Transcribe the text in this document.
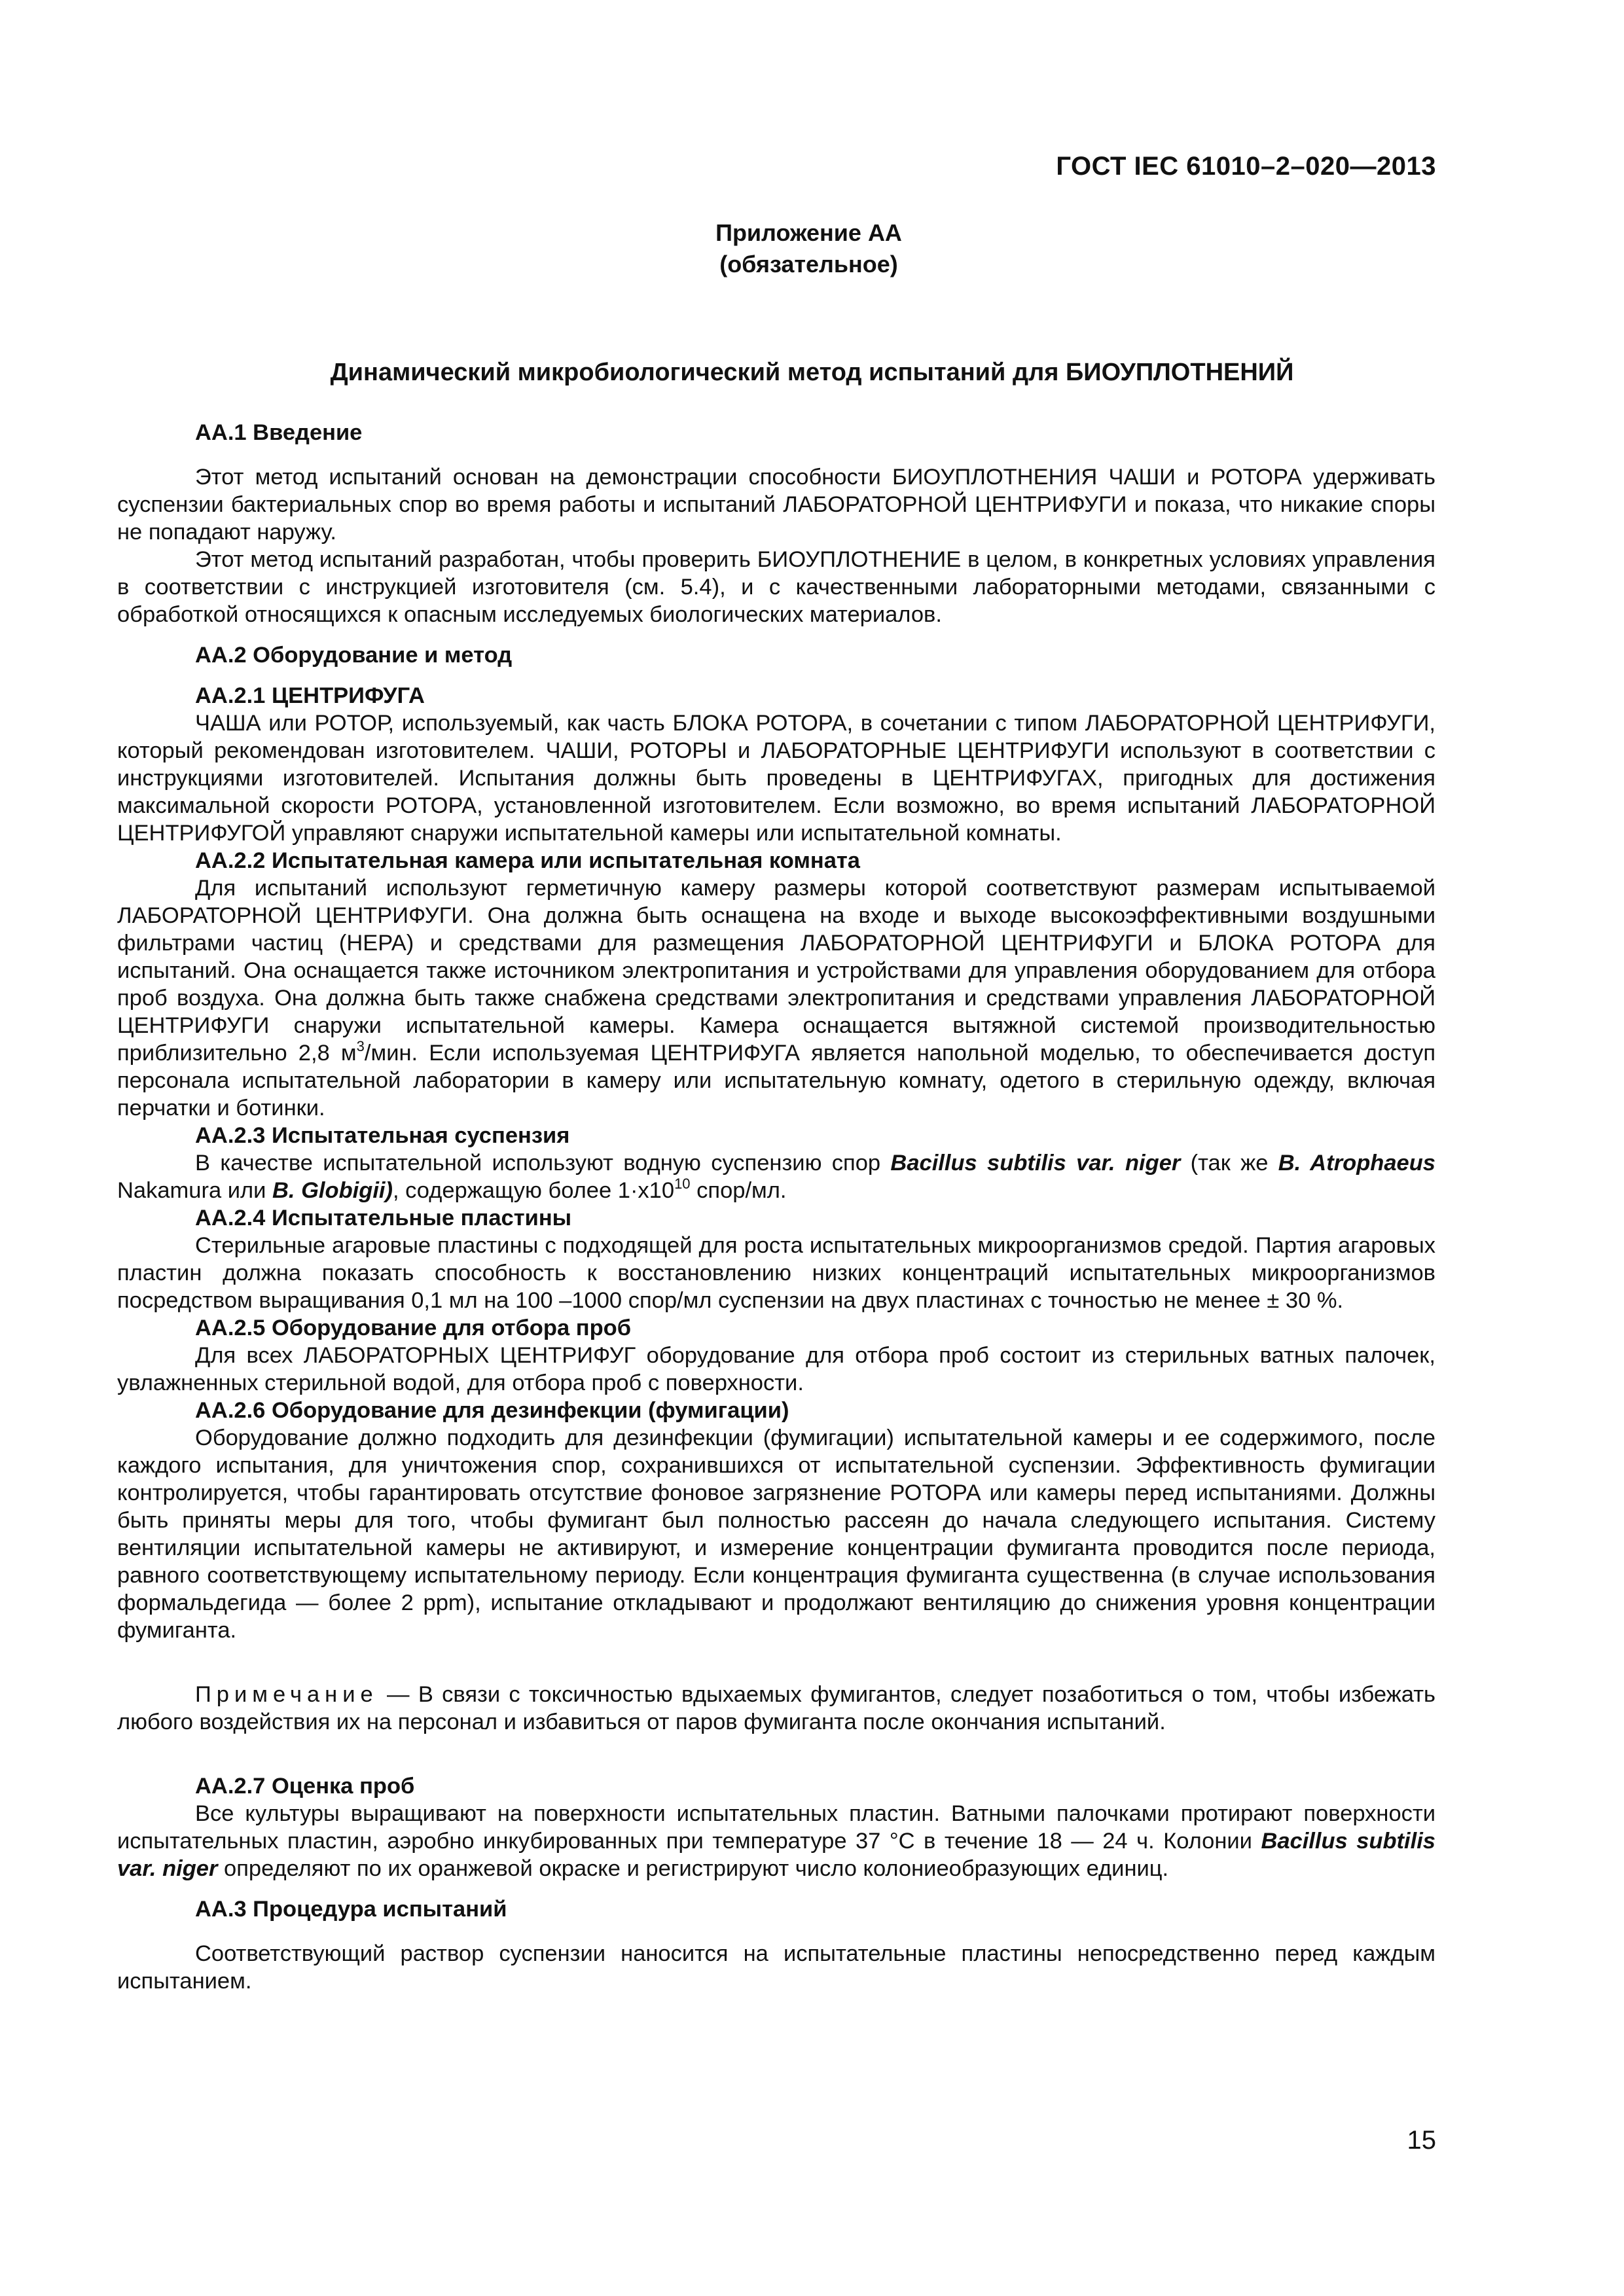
ГОСТ IEC 61010–2–020—2013
Приложение АА
(обязательное)
Динамический микробиологический метод испытаний для БИОУПЛОТНЕНИЙ

АА.1 Введение

Этот метод испытаний основан на демонстрации способности БИОУПЛОТНЕНИЯ ЧАШИ и РОТОРА удерживать суспензии бактериальных спор во время работы и испытаний ЛАБОРАТОРНОЙ ЦЕНТРИФУГИ и показа, что никакие споры не попадают наружу.

Этот метод испытаний разработан, чтобы проверить БИОУПЛОТНЕНИЕ в целом, в конкретных условиях управления в соответствии с инструкцией изготовителя (см. 5.4), и с качественными лабораторными методами, связанными с обработкой относящихся к опасным исследуемых биологических материалов.

АА.2 Оборудование и метод

АА.2.1 ЦЕНТРИФУГА

ЧАША или РОТОР, используемый, как часть БЛОКА РОТОРА, в сочетании с типом ЛАБОРАТОРНОЙ ЦЕНТРИФУГИ, который рекомендован изготовителем. ЧАШИ, РОТОРЫ и ЛАБОРАТОРНЫЕ ЦЕНТРИФУГИ используют в соответствии с инструкциями изготовителей. Испытания должны быть проведены в ЦЕНТРИФУГАХ, пригодных для достижения максимальной скорости РОТОРА, установленной изготовителем. Если возможно, во время испытаний ЛАБОРАТОРНОЙ ЦЕНТРИФУГОЙ управляют снаружи испытательной камеры или испытательной комнаты.

АА.2.2 Испытательная камера или испытательная комната

Для испытаний используют герметичную камеру размеры которой соответствуют размерам испытываемой ЛАБОРАТОРНОЙ ЦЕНТРИФУГИ. Она должна быть оснащена на входе и выходе высокоэффективными воздушными фильтрами частиц (HEPA) и средствами для размещения ЛАБОРАТОРНОЙ ЦЕНТРИФУГИ и БЛОКА РОТОРА для испытаний. Она оснащается также источником электропитания и устройствами для управления оборудованием для отбора проб воздуха. Она должна быть также снабжена средствами электропитания и средствами управления ЛАБОРАТОРНОЙ ЦЕНТРИФУГИ снаружи испытательной камеры. Камера оснащается вытяжной системой производительностью приблизительно 2,8 $м^3$/мин. Если используемая ЦЕНТРИФУГА является напольной моделью, то обеспечивается доступ персонала испытательной лаборатории в камеру или испытательную комнату, одетого в стерильную одежду, включая перчатки и ботинки.

АА.2.3 Испытательная суспензия

В качестве испытательной используют водную суспензию спор Bacillus subtilis var. niger (так же B. Atrophaeus Nakamura или B. Globigii), содержащую более $1\cdot x10^{10}$ спор/мл.

АА.2.4 Испытательные пластины

Стерильные агаровые пластины с подходящей для роста испытательных микроорганизмов средой. Партия агаровых пластин должна показать способность к восстановлению низких концентраций испытательных микроорганизмов посредством выращивания 0,1 мл на 100 –1000 спор/мл суспензии на двух пластинах с точностью не менее ± 30 %.

АА.2.5 Оборудование для отбора проб

Для всех ЛАБОРАТОРНЫХ ЦЕНТРИФУГ оборудование для отбора проб состоит из стерильных ватных палочек, увлажненных стерильной водой, для отбора проб с поверхности.

АА.2.6 Оборудование для дезинфекции (фумигации)

Оборудование должно подходить для дезинфекции (фумигации) испытательной камеры и ее содержимого, после каждого испытания, для уничтожения спор, сохранившихся от испытательной суспензии. Эффективность фумигации контролируется, чтобы гарантировать отсутствие фоновое загрязнение РОТОРА или камеры перед испытаниями. Должны быть приняты меры для того, чтобы фумигант был полностью рассеян до начала следующего испытания. Систему вентиляции испытательной камеры не активируют, и измерение концентрации фумиганта проводится после периода, равного соответствующему испытательному периоду. Если концентрация фумиганта существенна (в случае использования формальдегида — более 2 ppm), испытание откладывают и продолжают вентиляцию до снижения уровня концентрации фумиганта.

Примечание — В связи с токсичностью вдыхаемых фумигантов, следует позаботиться о том, чтобы избежать любого воздействия их на персонал и избавиться от паров фумиганта после окончания испытаний.

АА.2.7 Оценка проб

Все культуры выращивают на поверхности испытательных пластин. Ватными палочками протирают поверхности испытательных пластин, аэробно инкубированных при температуре 37 °C в течение 18 — 24 ч. Колонии Bacillus subtilis var. niger определяют по их оранжевой окраске и регистрируют число колониеобразующих единиц.

АА.3 Процедура испытаний

Соответствующий раствор суспензии наносится на испытательные пластины непосредственно перед каждым испытанием.

15
